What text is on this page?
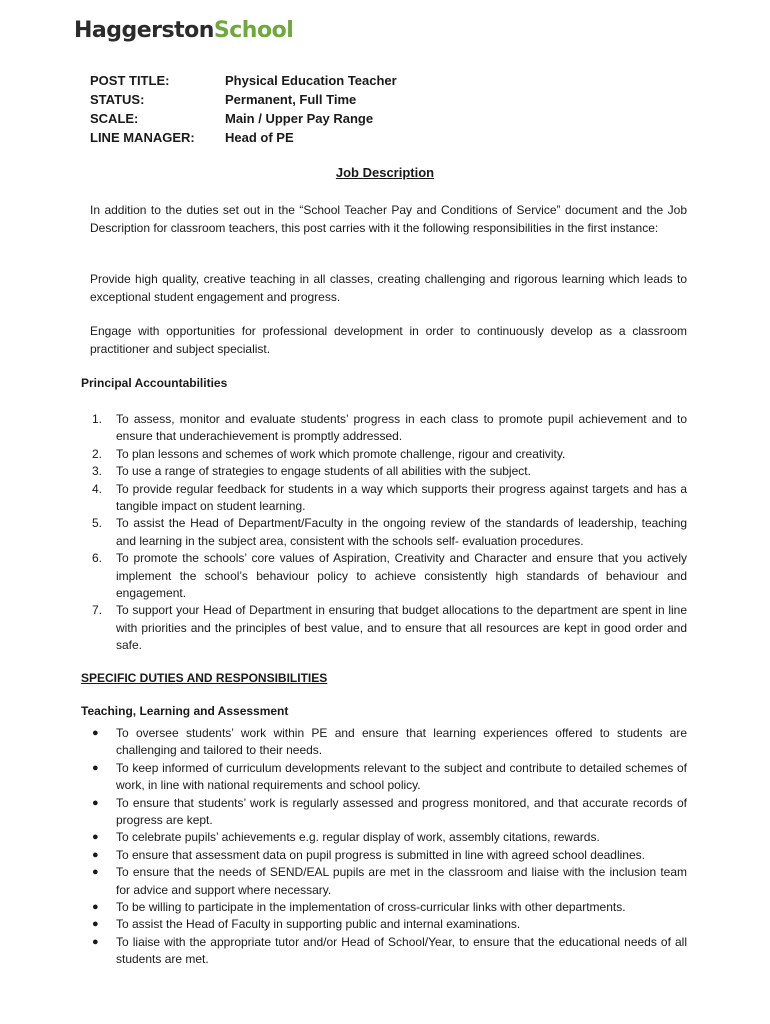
HaggerstonSchool
POST TITLE:	Physical Education Teacher
STATUS:	Permanent, Full Time
SCALE:	Main / Upper Pay Range
LINE MANAGER:	Head of PE
Job Description
In addition to the duties set out in the “School Teacher Pay and Conditions of Service” document and the Job Description for classroom teachers, this post carries with it the following responsibilities in the first instance:
Provide high quality, creative teaching in all classes, creating challenging and rigorous learning which leads to exceptional student engagement and progress.
Engage with opportunities for professional development in order to continuously develop as a classroom practitioner and subject specialist.
Principal Accountabilities
1. To assess, monitor and evaluate students’ progress in each class to promote pupil achievement and to ensure that underachievement is promptly addressed.
2. To plan lessons and schemes of work which promote challenge, rigour and creativity.
3. To use a range of strategies to engage students of all abilities with the subject.
4. To provide regular feedback for students in a way which supports their progress against targets and has a tangible impact on student learning.
5. To assist the Head of Department/Faculty in the ongoing review of the standards of leadership, teaching and learning in the subject area, consistent with the schools self- evaluation procedures.
6. To promote the schools’ core values of Aspiration, Creativity and Character and ensure that you actively implement the school’s behaviour policy to achieve consistently high standards of behaviour and engagement.
7. To support your Head of Department in ensuring that budget allocations to the department are spent in line with priorities and the principles of best value, and to ensure that all resources are kept in good order and safe.
SPECIFIC DUTIES AND RESPONSIBILITIES
Teaching, Learning and Assessment
● To oversee students’ work within PE and ensure that learning experiences offered to students are challenging and tailored to their needs.
● To keep informed of curriculum developments relevant to the subject and contribute to detailed schemes of work, in line with national requirements and school policy.
● To ensure that students’ work is regularly assessed and progress monitored, and that accurate records of progress are kept.
● To celebrate pupils’ achievements e.g. regular display of work, assembly citations, rewards.
● To ensure that assessment data on pupil progress is submitted in line with agreed school deadlines.
● To ensure that the needs of SEND/EAL pupils are met in the classroom and liaise with the inclusion team for advice and support where necessary.
● To be willing to participate in the implementation of cross-curricular links with other departments.
● To assist the Head of Faculty in supporting public and internal examinations.
● To liaise with the appropriate tutor and/or Head of School/Year, to ensure that the educational needs of all students are met.
